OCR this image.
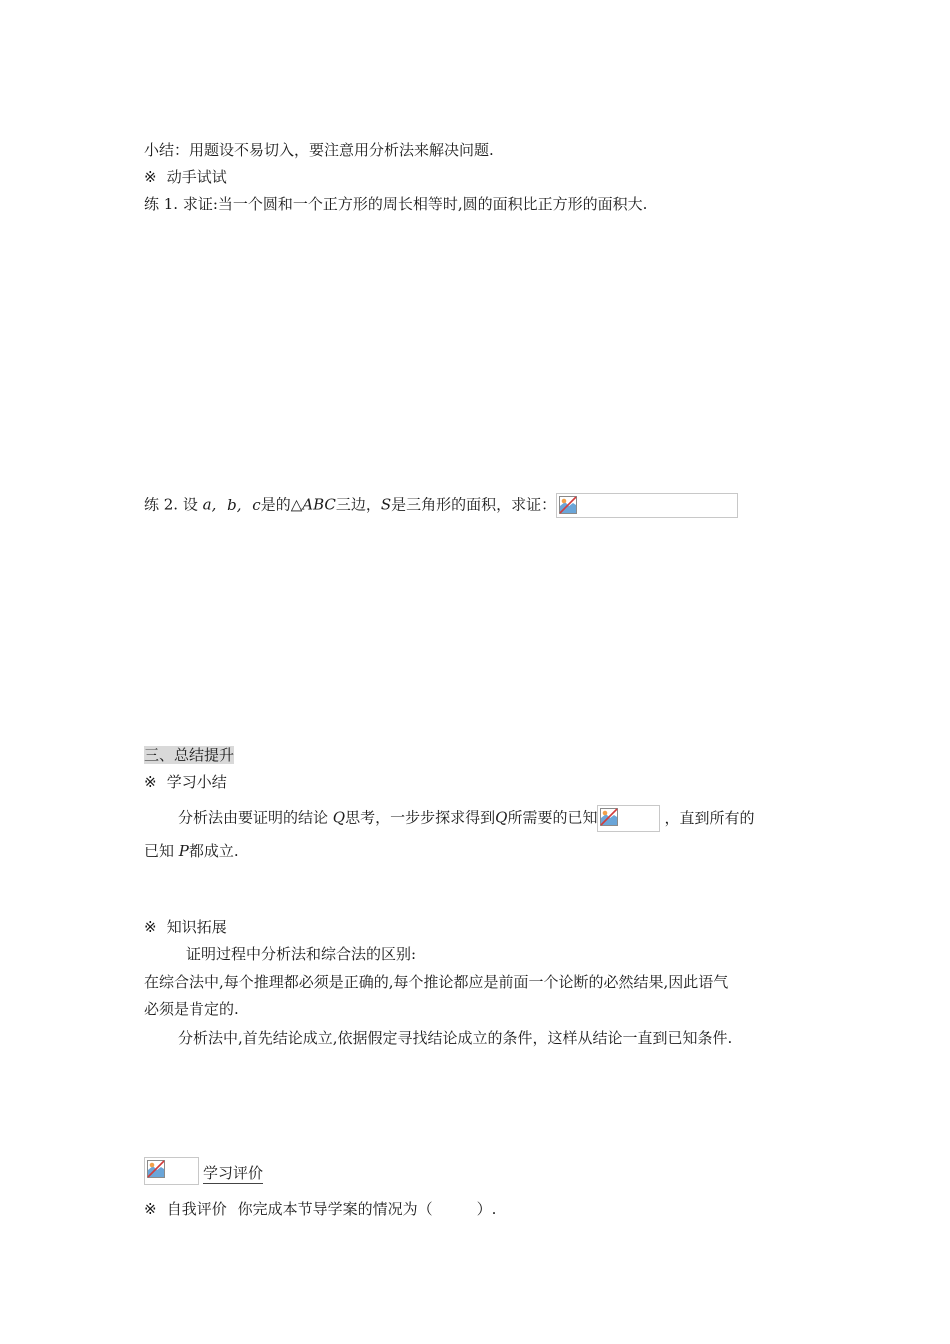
小结：用题设不易切入，要注意用分析法来解决问题.
※ 动手试试
练 1. 求证:当一个圆和一个正方形的周长相等时,圆的面积比正方形的面积大.
练 2. 设 a, b, c是的△ABC三边，S是三角形的面积，求证：
三、总结提升
※ 学习小结
分析法由要证明的结论 Q思考，一步步探求得到Q所需要的已知	，直到所有的
已知 P都成立.
※ 知识拓展
证明过程中分析法和综合法的区别:
在综合法中,每个推理都必须是正确的,每个推论都应是前面一个论断的必然结果,因此语气
必须是肯定的.
分析法中,首先结论成立,依据假定寻找结论成立的条件，这样从结论一直到已知条件.
学习评价
※ 自我评价 你完成本节导学案的情况为（	）.
